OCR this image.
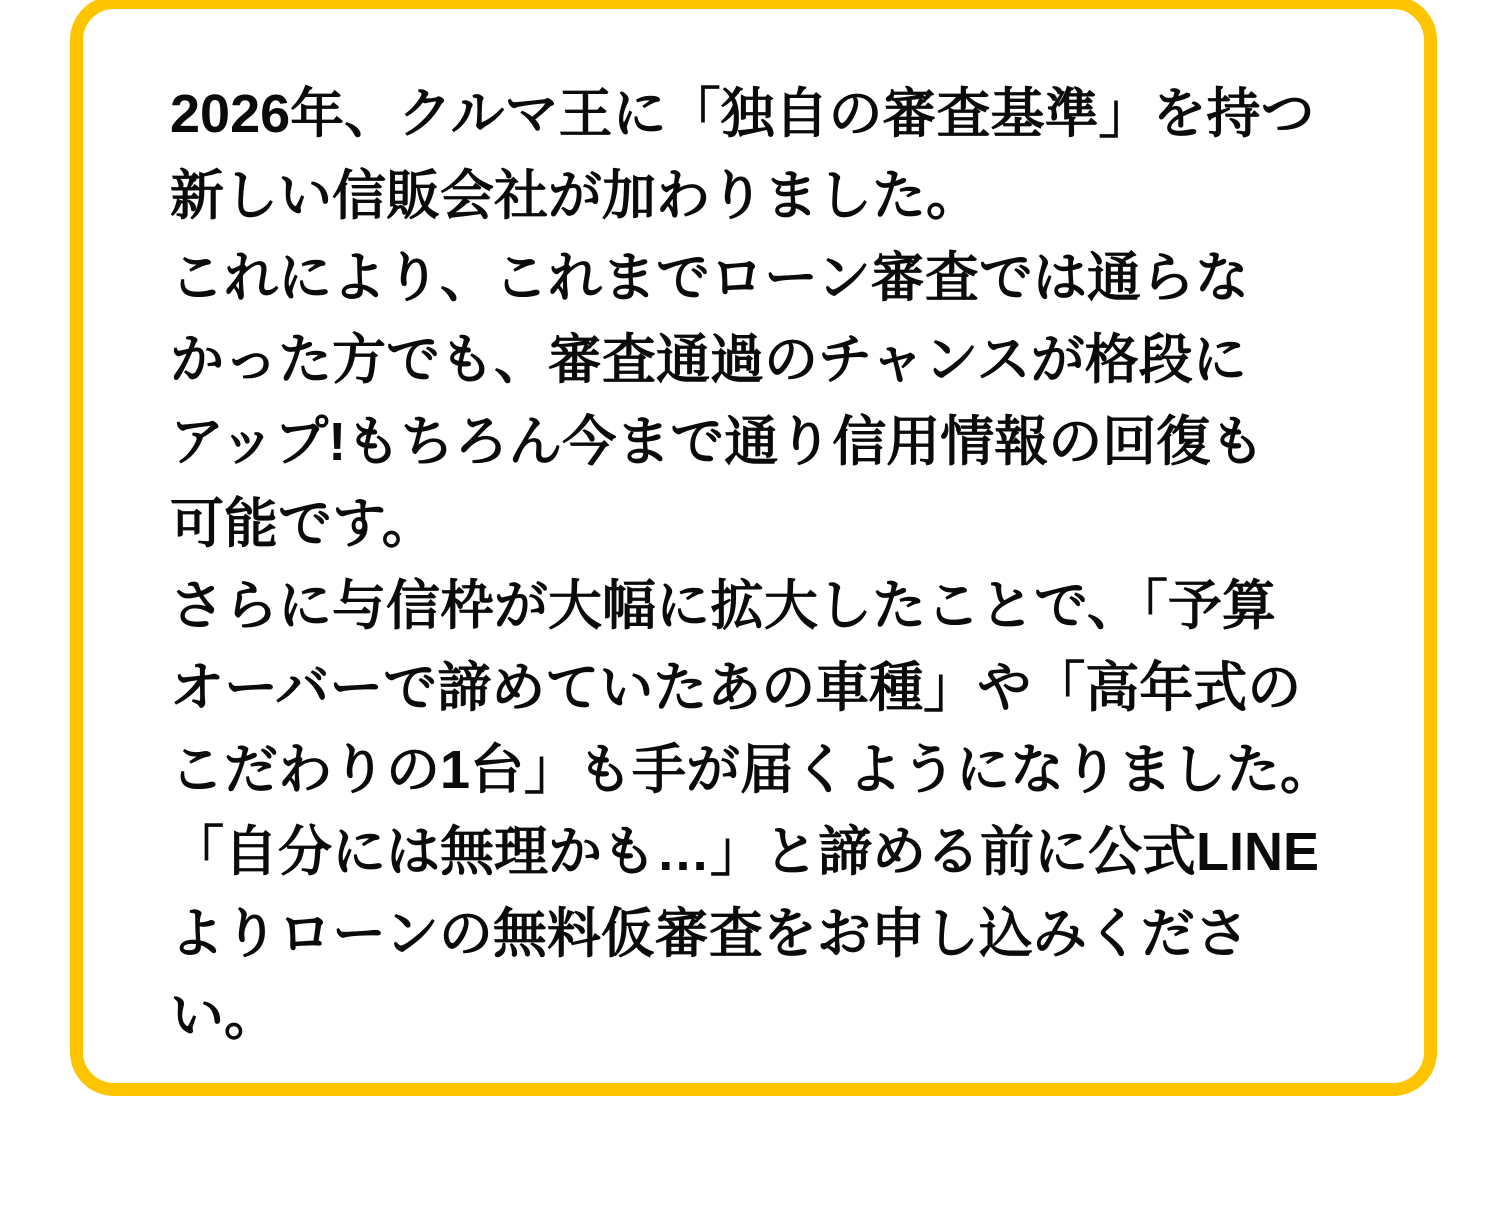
2026年、クルマ王に「独自の審査基準」を持つ
新しい信販会社が加わりました。
これにより、これまでローン審査では通らな
かった方でも、審査通過のチャンスが格段に
アップ!もちろん今まで通り信用情報の回復も
可能です。
さらに与信枠が大幅に拡大したことで、「予算
オーバーで諦めていたあの車種」や「高年式の
こだわりの1台」も手が届くようになりました。
「自分には無理かも…」と諦める前に公式LINE
よりローンの無料仮審査をお申し込みくださ
い。
